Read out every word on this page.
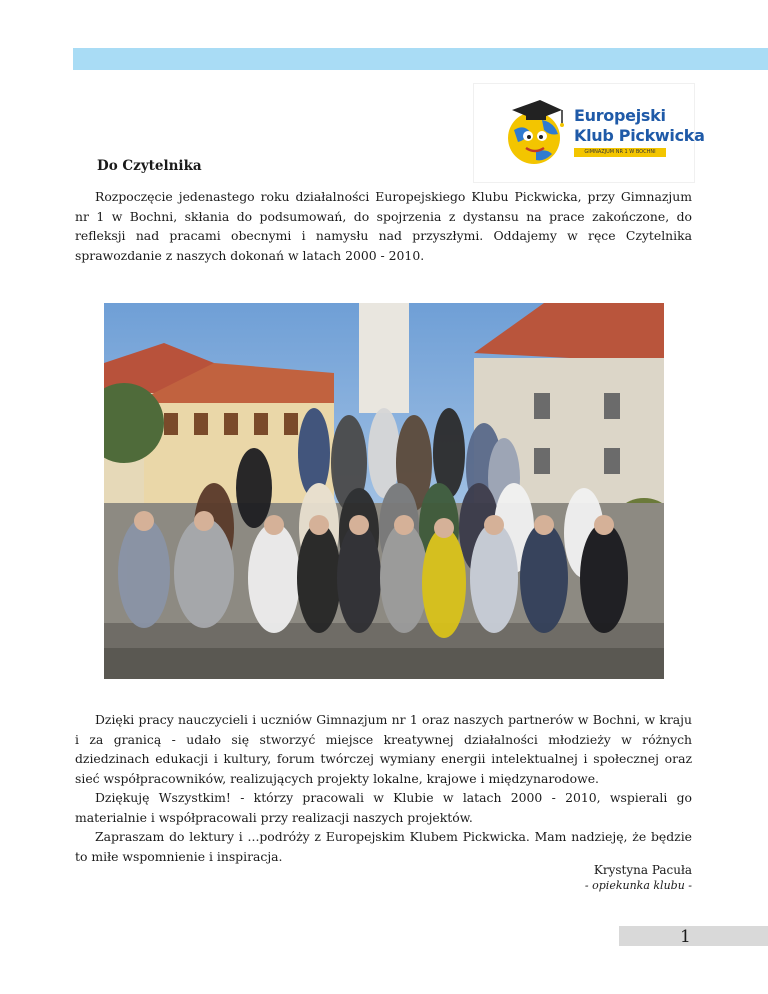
Europejski
Klub Pickwicka
GIMNAZJUM NR 1 W BOCHNI
Do Czytelnika

Rozpoczęcie jedenastego roku działalności Europejskiego Klubu Pickwicka, przy Gimnazjum nr 1 w Bochni, skłania do podsumowań, do spojrzenia z dystansu na prace zakończone, do refleksji nad pracami obecnymi i namysłu nad przyszłymi. Oddajemy w ręce Czytelnika sprawozdanie z naszych dokonań w latach 2000 - 2010.

Dzięki pracy nauczycieli i uczniów Gimnazjum nr 1 oraz naszych partnerów w Bochni, w kraju i za granicą - udało się stworzyć miejsce kreatywnej działalności młodzieży w różnych dziedzinach edukacji i kultury, forum twórczej wymiany energii intelektualnej i społecznej oraz sieć współpracowników, realizujących projekty lokalne, krajowe i międzynarodowe.

Dziękuję Wszystkim! - którzy pracowali w Klubie w latach 2000 - 2010, wspierali go materialnie i współpracowali przy realizacji naszych projektów.

Zapraszam do lektury i ...podróży z Europejskim Klubem Pickwicka. Mam nadzieję, że będzie to miłe wspomnienie i inspiracja.

Krystyna Pacuła
- opiekunka klubu -
1
